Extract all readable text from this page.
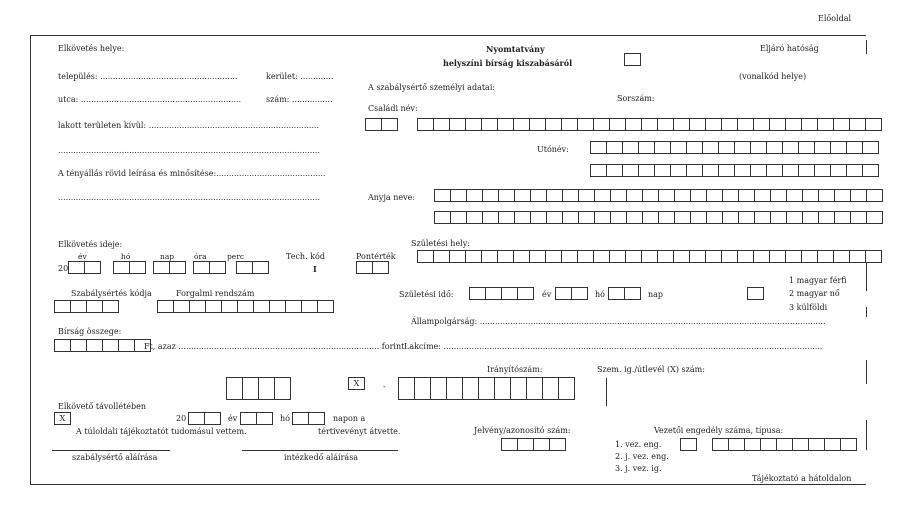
Előoldal
Nyomtatvány
helyszíni bírság kiszabásáról
Eljáró hatóság
(vonalkód helye)
Sorszám:
Elkövetés helye:
település: ......................................................	kerület: .............
utca: ...............................................................	szám: ................
lakott területen kívül: ...................................................................
.......................................................................................................
A tényállás rövid leírása és minősítése:...........................................
.......................................................................................................
A szabálysértő személyi adatai:
Családi név:
Utónév:
Anyja neve:
Elkövetés ideje:
év	hó	nap	óra	perc
20
Tech. kód
I
Pontérték
Születési hely:
Születési idő:	év	hó	nap
1 magyar férfi
2 magyar nő
3 külföldi
Szabálysértés kódja	Forgalmi rendszám
Állampolgárság: ........................................................................................................................................
Bírság összege:
Ft, azaz ............................................................................... forint Lakcíme: .....................................................................................................................................................
Irányítószám:	Szem. ig./útlevél (X) szám:
X	-
Elkövető távollétében
X	20	év	hó	napon a
A túloldali tájékoztatót tudomásul vettem.	tértivevényt átvette.
szabálysértő aláírása	intézkedő aláírása
Jelvény/azonosító szám:	Vezetői engedély száma, típusa:
1. vez. eng.
2. j. vez. eng.
3. j. vez. ig.
Tájékoztató a hátoldalon
